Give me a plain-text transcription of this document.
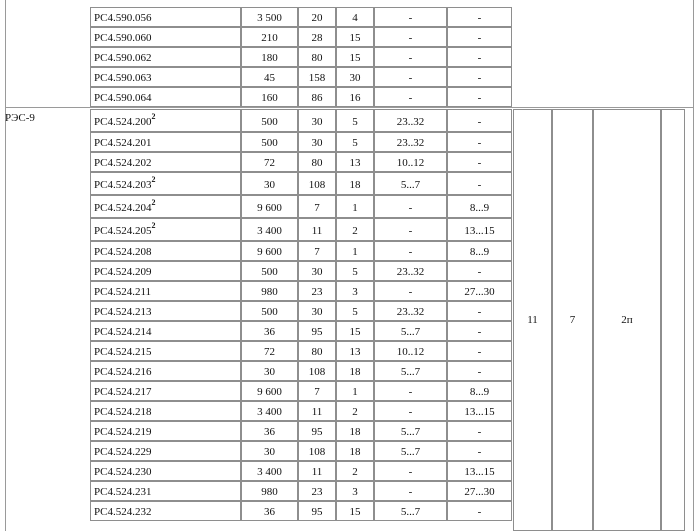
РЭС-9
PC4.590.056	3 500	20	4	-	-
PC4.590.060	210	28	15	-	-
PC4.590.062	180	80	15	-	-
PC4.590.063	45	158	30	-	-
PC4.590.064	160	86	16	-	-
PC4.524.200$^2$	500	30	5	23..32	-
PC4.524.201	500	30	5	23..32	-
PC4.524.202	72	80	13	10..12	-
PC4.524.203$^2$	30	108	18	5...7	-
PC4.524.204$^2$	9 600	7	1	-	8...9
PC4.524.205$^2$	3 400	11	2	-	13...15
PC4.524.208	9 600	7	1	-	8...9
PC4.524.209	500	30	5	23..32	-
PC4.524.211	980	23	3	-	27...30
PC4.524.213	500	30	5	23..32	-
PC4.524.214	36	95	15	5...7	-
PC4.524.215	72	80	13	10..12	-
PC4.524.216	30	108	18	5...7	-
PC4.524.217	9 600	7	1	-	8...9
PC4.524.218	3 400	11	2	-	13...15
PC4.524.219	36	95	18	5...7	-
PC4.524.229	30	108	18	5...7	-
PC4.524.230	3 400	11	2	-	13...15
PC4.524.231	980	23	3	-	27...30
PC4.524.232	36	95	15	5...7	-
11	7	2п
